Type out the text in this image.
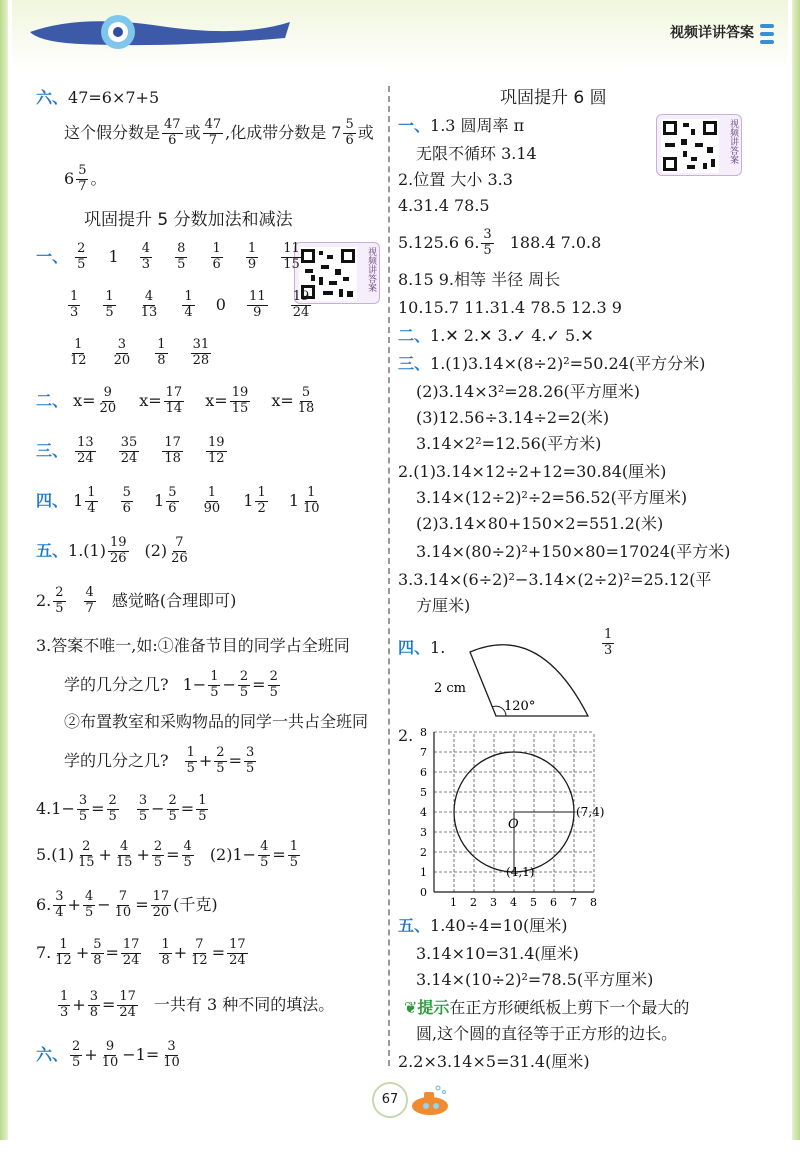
视频详讲答案
六、47=6×7+5
这个假分数是 $\frac{47}{6}$ 或 $\frac{47}{7}$ ,化成带分数是 $7 \frac{5}{6}$ 或
$6 \frac{5}{7}$ 。
巩固提升 5 分数加法和减法
视频讲答案
一、 $\frac{2}{5} 1 \frac{4}{3}$
$\frac{8}{5}$
$\frac{1}{6}$
$\frac{1}{9}$
$\frac{11}{15}$
$\frac{1}{3}$
$\frac{1}{5}$
$\frac{4}{13}$
$\frac{1}{4} 0 \frac{11}{9}$
$\frac{19}{24}$
$\frac{1}{12}$
$\frac{3}{20}$
$\frac{1}{8}$
$\frac{31}{28}$
二、 $x= \frac{9}{20} x= \frac{17}{14} x= \frac{19}{15} x= \frac{5}{18}$
三、 $\frac{13}{24}$
$\frac{35}{24}$
$\frac{17}{18}$
$\frac{19}{12}$
四、 $1 \frac{1}{4}$
$\frac{5}{6} 1 \frac{5}{6}$
$\frac{1}{90} 1 \frac{1}{2} 1 \frac{1}{10}$
五、$1.(1) \frac{19}{26} (2) \frac{7}{26}$
2. $\frac{2}{5} \frac{4}{7}$ 感觉略(合理即可)
3.答案不唯一,如:①准备节目的同学占全班同
学的几分之几? $1- \frac{1}{5} - \frac{2}{5} = \frac{2}{5}$
②布置教室和采购物品的同学一共占全班同
学的几分之几? $\frac{1}{5} + \frac{2}{5} = \frac{3}{5}$
$4.1- \frac{3}{5} = \frac{2}{5} \frac{3}{5} - \frac{2}{5} = \frac{1}{5}$
$5.(1) \frac{2}{15} + \frac{4}{15} + \frac{2}{5} = \frac{4}{5} (2)1- \frac{4}{5} = \frac{1}{5}$
6. $\frac{3}{4} + \frac{4}{5} - \frac{7}{10} = \frac{17}{20}$ (千克)
7. $\frac{1}{12} + \frac{5}{8} = \frac{17}{24} \frac{1}{8} + \frac{7}{12} = \frac{17}{24}$
$\frac{1}{3} + \frac{3}{8} = \frac{17}{24}$ 一共有 3 种不同的填法。
六、 $\frac{2}{5} + \frac{9}{10} -1= \frac{3}{10}$
巩固提升 6 圆
视频讲答案
一、1.3 圆周率 π
无限不循环 3.14
2.位置 大小 3.3
4.31.4 78.5
5.125.6 6. $\frac{3}{5} 188.4$ 7.0.8
8.15 9.相等 半径 周长
10.15.7 11.31.4 78.5 12.3 9
二、1.✕ 2.✕ 3.✓ 4.✓ 5.✕
三、1.(1)3.14×(8÷2)²=50.24(平方分米)
(2)3.14×3²=28.26(平方厘米)
(3)12.56÷3.14÷2=2(米)
3.14×2²=12.56(平方米)
2.(1)3.14×12÷2+12=30.84(厘米)
3.14×(12÷2)²÷2=56.52(平方厘米)
(2)3.14×80+150×2=551.2(米)
3.14×(80÷2)²+150×80=17024(平方米)
3.3.14×(6÷2)²−3.14×(2÷2)²=25.12(平
方厘米)
四、1.	$\frac{1}{3}$
2 cm
120°
2.
1 2 3 4 5 6 7 8
0
1
2
3
4
5
6
7
8
O
(7,4)
(4,1)
五、1.40÷4=10(厘米)
3.14×10=31.4(厘米)
3.14×(10÷2)²=78.5(平方厘米)
❦提示在正方形硬纸板上剪下一个最大的
圆,这个圆的直径等于正方形的边长。
2.2×3.14×5=31.4(厘米)
67
